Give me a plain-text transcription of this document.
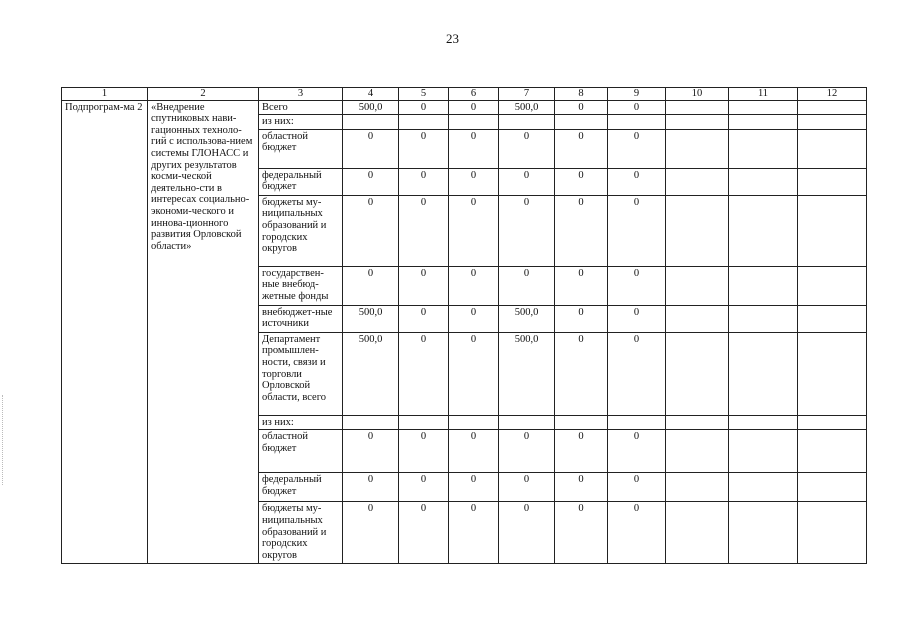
23
1	2	3	4	5	6	7	8	9	10	11	12
Подпрограм-ма 2	«Внедрение спутниковых нави-гационных техноло-гий с использова-нием системы ГЛОНАСС и других результатов косми-ческой деятельно-сти в интересах социально-экономи-ческого и иннова-ционного развития Орловской области»	Всего	500,0	0	0	500,0	0	0			
		из них:									
		областной бюджет	0	0	0	0	0	0			
		федеральный бюджет	0	0	0	0	0	0			
		бюджеты му-ниципальных образований и городских округов	0	0	0	0	0	0			
		государствен-ные внебюд-жетные фонды	0	0	0	0	0	0			
		внебюджет-ные источники	500,0	0	0	500,0	0	0			
		Департамент промышлен-ности, связи и торговли Орловской области, всего	500,0	0	0	500,0	0	0			
		из них:									
		областной бюджет	0	0	0	0	0	0			
		федеральный бюджет	0	0	0	0	0	0			
		бюджеты му-ниципальных образований и городских округов	0	0	0	0	0	0			
